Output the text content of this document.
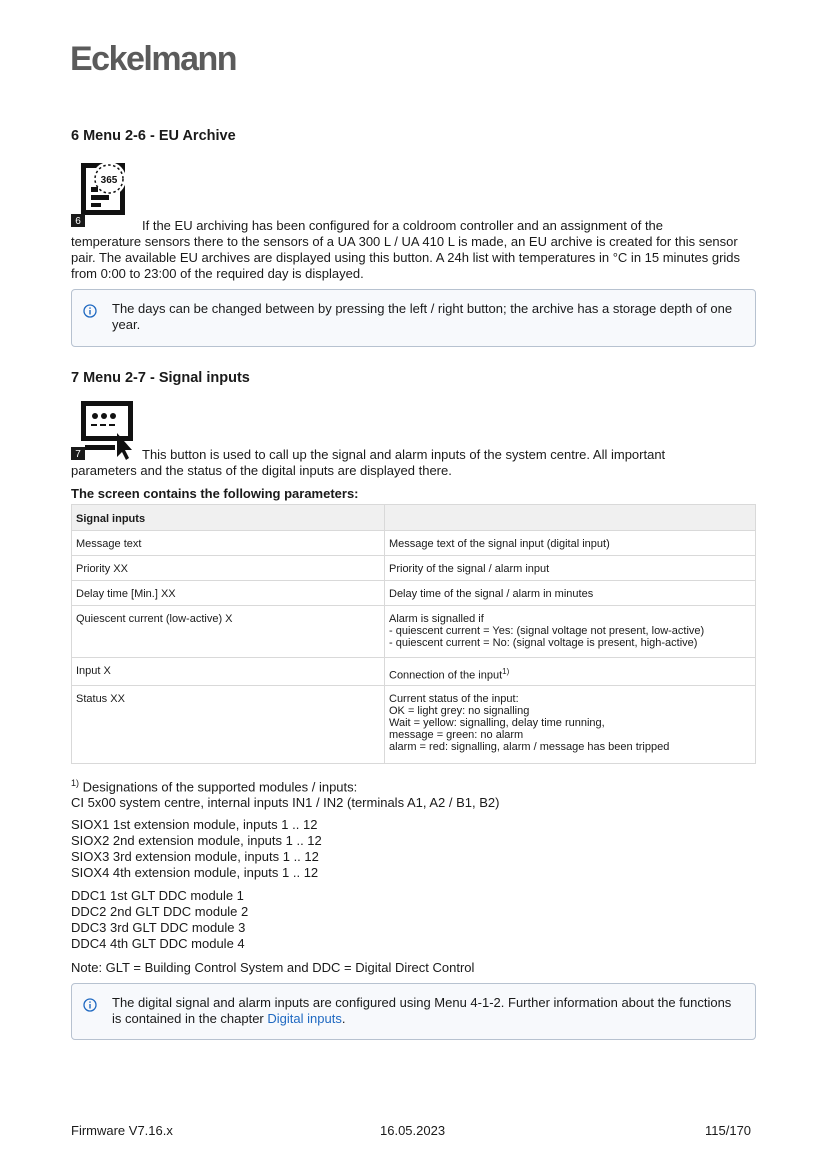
Eckelmann
6 Menu 2-6 - EU Archive
365
6	If the EU archiving has been configured for a coldroom controller and an assignment of the

temperature sensors there to the sensors of a UA 300 L / UA 410 L is made, an EU archive is created for this sensor pair. The available EU archives are displayed using this button. A 24h list with temperatures in °C in 15 minutes grids from 0:00 to 23:00 of the required day is displayed.

The days can be changed between by pressing the left / right button; the archive has a storage depth of one year.
7 Menu 2-7 - Signal inputs
7	This button is used to call up the signal and alarm inputs of the system centre. All important

parameters and the status of the digital inputs are displayed there.

The screen contains the following parameters:

Signal inputs	
Message text	Message text of the signal input (digital input)
Priority XX	Priority of the signal / alarm input
Delay time [Min.] XX	Delay time of the signal / alarm in minutes
Quiescent current (low-active) X	Alarm is signalled if
- quiescent current = Yes: (signal voltage not present, low-active)
- quiescent current = No: (signal voltage is present, high-active)

Input X	Connection of the input$^{1)}$
Status XX	Current status of the input:
OK = light grey: no signalling
Wait = yellow: signalling, delay time running,
message = green: no alarm
alarm = red: signalling, alarm / message has been tripped
$^{1)}$ Designations of the supported modules / inputs:
CI 5x00 system centre, internal inputs IN1 / IN2 (terminals A1, A2 / B1, B2)
SIOX1 1st extension module, inputs 1 .. 12
SIOX2 2nd extension module, inputs 1 .. 12
SIOX3 3rd extension module, inputs 1 .. 12
SIOX4 4th extension module, inputs 1 .. 12
DDC1 1st GLT DDC module 1
DDC2 2nd GLT DDC module 2
DDC3 3rd GLT DDC module 3
DDC4 4th GLT DDC module 4

Note: GLT = Building Control System and DDC = Digital Direct Control

The digital signal and alarm inputs are configured using Menu 4-1-2. Further information about the functions is contained in the chapter Digital inputs.
Firmware V7.16.x	16.05.2023	115/170
